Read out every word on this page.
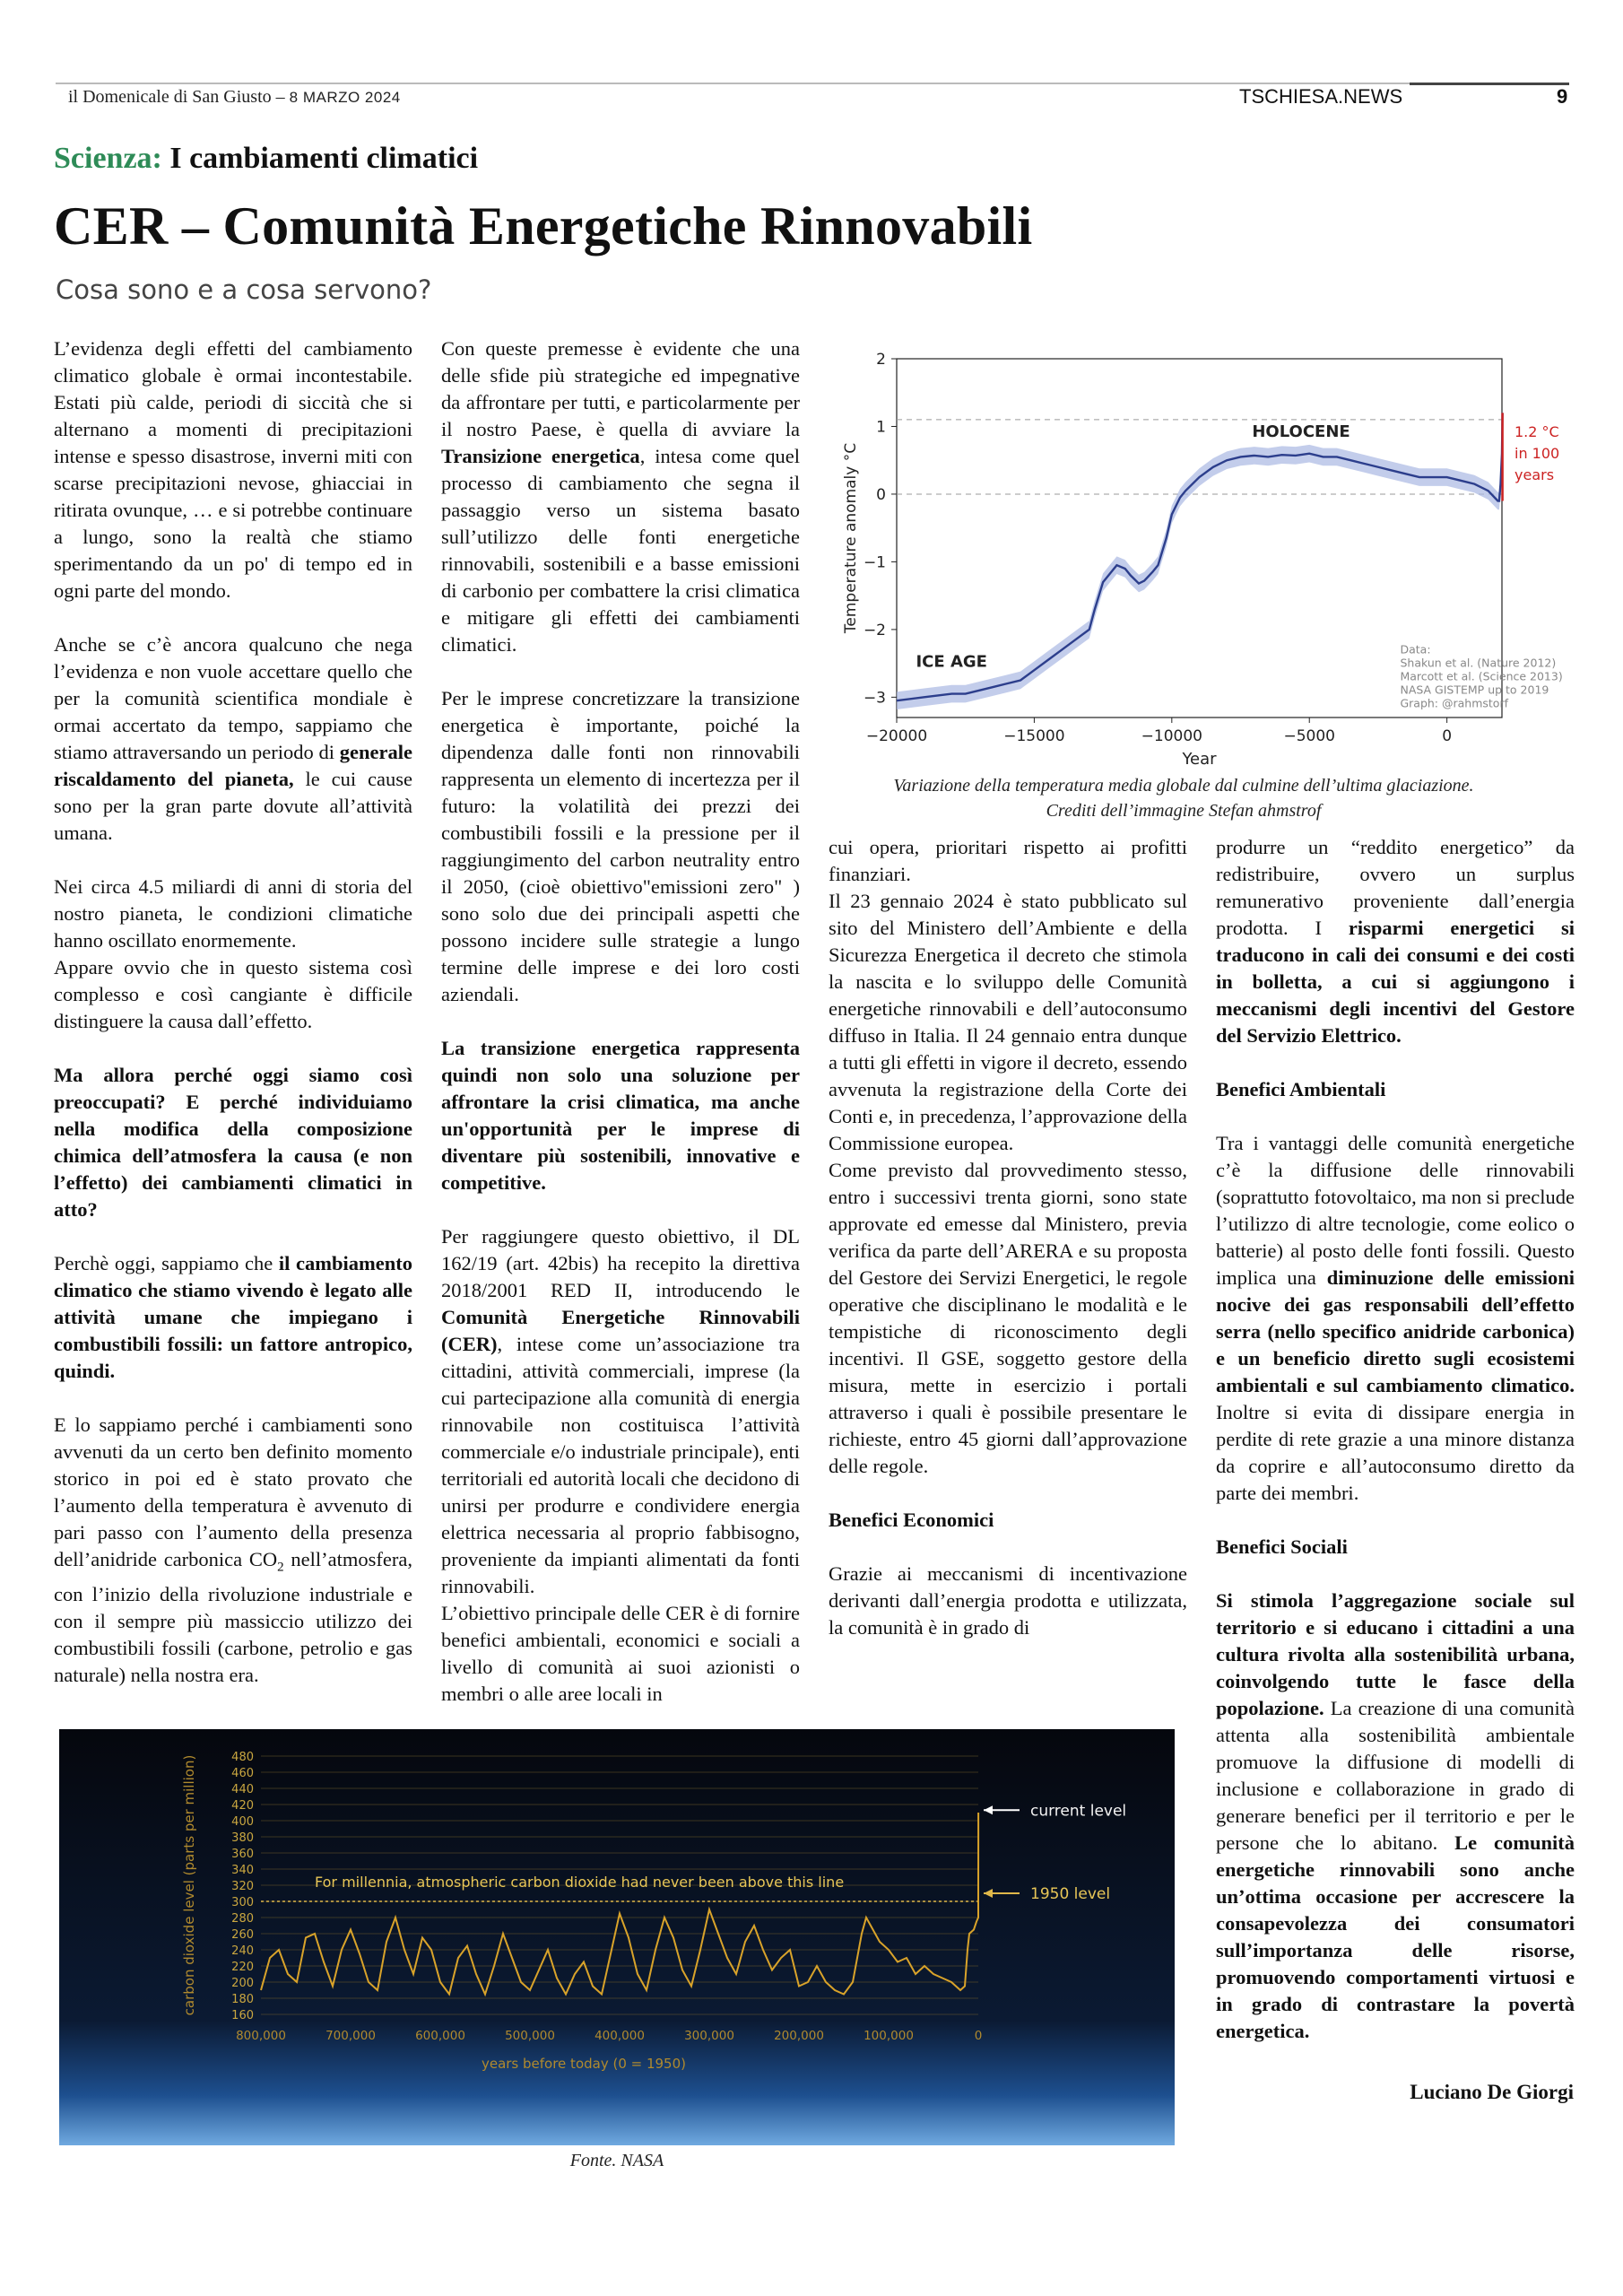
il Domenicale di San Giusto – 8 MARZO 2024	TSCHIESA.NEWS	9
Scienza: I cambiamenti climatici
CER – Comunità Energetiche Rinnovabili
Cosa sono e a cosa servono?

L’evidenza degli effetti del cambiamento climatico globale è ormai incontestabile. Estati più calde, periodi di siccità che si alternano a momenti di precipitazioni intense e spesso disastrose, inverni miti con scarse precipitazioni nevose, ghiacciai in ritirata ovunque, … e si potrebbe continuare a lungo, sono la realtà che stiamo sperimentando da un po' di tempo ed in ogni parte del mondo.

Anche se c’è ancora qualcuno che nega l’evidenza e non vuole accettare quello che per la comunità scientifica mondiale è ormai accertato da tempo, sappiamo che stiamo attraversando un periodo di generale riscaldamento del pianeta, le cui cause sono per la gran parte dovute all’attività umana.

Nei circa 4.5 miliardi di anni di storia del nostro pianeta, le condizioni climatiche hanno oscillato enormemente.

Appare ovvio che in questo sistema così complesso e così cangiante è difficile distinguere la causa dall’effetto.

Ma allora perché oggi siamo così preoccupati? E perché individuiamo nella modifica della composizione chimica dell’atmosfera la causa (e non l’effetto) dei cambiamenti climatici in atto?

Perchè oggi, sappiamo che il cambiamento climatico che stiamo vivendo è legato alle attività umane che impiegano i combustibili fossili: un fattore antropico, quindi.

E lo sappiamo perché i cambiamenti sono avvenuti da un certo ben definito momento storico in poi ed è stato provato che l’aumento della temperatura è avvenuto di pari passo con l’aumento della presenza dell’anidride carbonica $CO_2$ nell’atmosfera, con l’inizio della rivoluzione industriale e con il sempre più massiccio utilizzo dei combustibili fossili (carbone, petrolio e gas naturale) nella nostra era.

Con queste premesse è evidente che una delle sfide più strategiche ed impegnative da affrontare per tutti, e particolarmente per il nostro Paese, è quella di avviare la Transizione energetica, intesa come quel processo di cambiamento che segna il passaggio verso un sistema basato sull’utilizzo delle fonti energetiche rinnovabili, sostenibili e a basse emissioni di carbonio per combattere la crisi climatica e mitigare gli effetti dei cambiamenti climatici.

Per le imprese concretizzare la transizione energetica è importante, poiché la dipendenza dalle fonti non rinnovabili rappresenta un elemento di incertezza per il futuro: la volatilità dei prezzi dei combustibili fossili e la pressione per il raggiungimento del carbon neutrality entro il 2050, (cioè obiettivo"emissioni zero" ) sono solo due dei principali aspetti che possono incidere sulle strategie a lungo termine delle imprese e dei loro costi aziendali.

La transizione energetica rappresenta quindi non solo una soluzione per affrontare la crisi climatica, ma anche un'opportunità per le imprese di diventare più sostenibili, innovative e competitive.

Per raggiungere questo obiettivo, il DL 162/19 (art. 42bis) ha recepito la direttiva 2018/2001 RED II, introducendo le Comunità Energetiche Rinnovabili (CER), intese come un’associazione tra cittadini, attività commerciali, imprese (la cui partecipazione alla comunità di energia rinnovabile non costituisca l’attività commerciale e/o industriale principale), enti territoriali ed autorità locali che decidono di unirsi per produrre e condividere energia elettrica necessaria al proprio fabbisogno, proveniente da impianti alimentati da fonti rinnovabili.

L’obiettivo principale delle CER è di fornire benefici ambientali, economici e sociali a livello di comunità ai suoi azionisti o membri o alle aree locali in

2
1
0
−1
−2
−3
−20000	−15000	−10000	−5000	0
Year
Temperature anomaly °C
HOLOCENE
ICE AGE
1.2 °C
in 100
years
Data:
Shakun et al. (Nature 2012)
Marcott et al. (Science 2013)
NASA GISTEMP up to 2019
Graph: @rahmstorf
Variazione della temperatura media globale dal culmine dell’ultima glaciazione.
Crediti dell’immagine Stefan ahmstrof

cui opera, prioritari rispetto ai profitti finanziari.

Il 23 gennaio 2024 è stato pubblicato sul sito del Ministero dell’Ambiente e della Sicurezza Energetica il decreto che stimola la nascita e lo sviluppo delle Comunità energetiche rinnovabili e dell’autoconsumo diffuso in Italia. Il 24 gennaio entra dunque a tutti gli effetti in vigore il decreto, essendo avvenuta la registrazione della Corte dei Conti e, in precedenza, l’approvazione della Commissione europea.

Come previsto dal provvedimento stesso, entro i successivi trenta giorni, sono state approvate ed emesse dal Ministero, previa verifica da parte dell’ARERA e su proposta del Gestore dei Servizi Energetici, le regole operative che disciplinano le modalità e le tempistiche di riconoscimento degli incentivi. Il GSE, soggetto gestore della misura, mette in esercizio i portali attraverso i quali è possibile presentare le richieste, entro 45 giorni dall’approvazione delle regole.

Benefici Economici

Grazie ai meccanismi di incentivazione derivanti dall’energia prodotta e utilizzata, la comunità è in grado di

produrre un “reddito energetico” da redistribuire, ovvero un surplus remunerativo proveniente dall’energia prodotta. I risparmi energetici si traducono in cali dei consumi e dei costi in bolletta, a cui si aggiungono i meccanismi degli incentivi del Gestore del Servizio Elettrico.

Benefici Ambientali

Tra i vantaggi delle comunità energetiche c’è la diffusione delle rinnovabili (soprattutto fotovoltaico, ma non si preclude l’utilizzo di altre tecnologie, come eolico o batterie) al posto delle fonti fossili. Questo implica una diminuzione delle emissioni nocive dei gas responsabili dell’effetto serra (nello specifico anidride carbonica) e un beneficio diretto sugli ecosistemi ambientali e sul cambiamento climatico. Inoltre si evita di dissipare energia in perdite di rete grazie a una minore distanza da coprire e all’autoconsumo diretto da parte dei membri.

Benefici Sociali

Si stimola l’aggregazione sociale sul territorio e si educano i cittadini a una cultura rivolta alla sostenibilità urbana, coinvolgendo tutte le fasce della popolazione. La creazione di una comunità attenta alla sostenibilità ambientale promuove la diffusione di modelli di inclusione e collaborazione in grado di generare benefici per il territorio e per le persone che lo abitano. Le comunità energetiche rinnovabili sono anche un’ottima occasione per accrescere la consapevolezza dei consumatori sull’importanza delle risorse, promuovendo comportamenti virtuosi e in grado di contrastare la povertà energetica.

Luciano De Giorgi
480
460
440
420
400
380
360
340
320
300
280
260
240
220
200
180
160
carbon dioxide level (parts per million)
800,000	700,000	600,000	500,000	400,000	300,000	200,000	100,000	0
years before today (0 = 1950)
For millennia, atmospheric carbon dioxide had never been above this line
current level
1950 level
Fonte. NASA
